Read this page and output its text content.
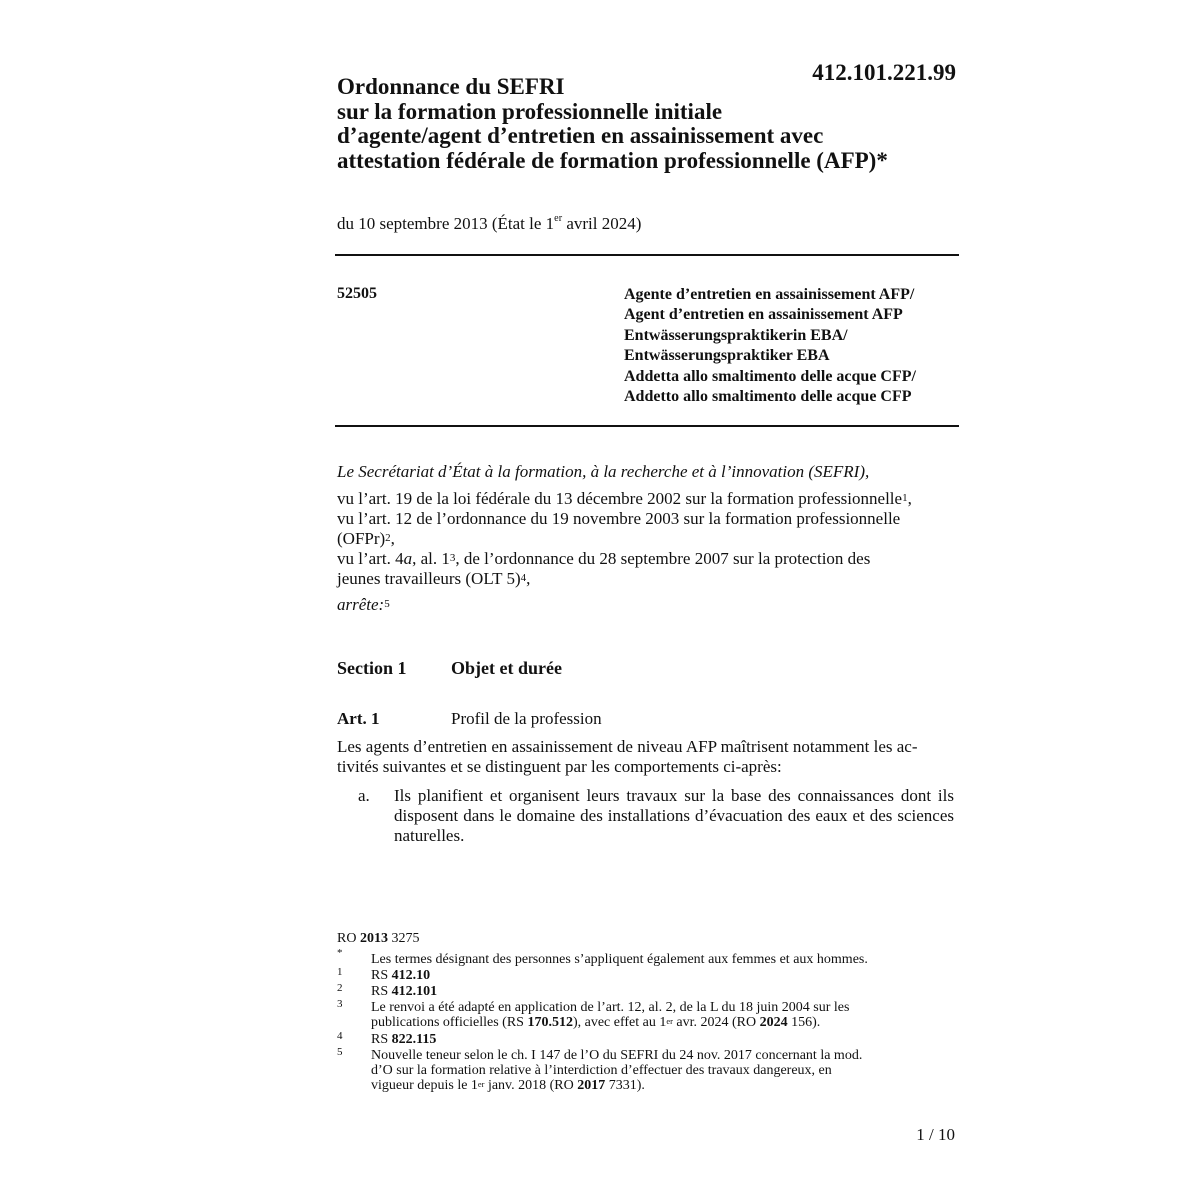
412.101.221.99
Ordonnance du SEFRI
sur la formation professionnelle initiale
d’agente/agent d’entretien en assainissement avec
attestation fédérale de formation professionnelle (AFP)*
du 10 septembre 2013 (État le 1er avril 2024)
52505	Agente d’entretien en assainissement AFP/
Agent d’entretien en assainissement AFP
Entwässerungspraktikerin EBA/
Entwässerungspraktiker EBA
Addetta allo smaltimento delle acque CFP/
Addetto allo smaltimento delle acque CFP

Le Secrétariat d’État à la formation, à la recherche et à l’innovation (SEFRI),

vu l’art. 19 de la loi fédérale du 13 décembre 2002 sur la formation professionnelle$^1$,

vu l’art. 12 de l’ordonnance du 19 novembre 2003 sur la formation professionnelle
(OFPr)$^2$,

vu l’art. 4a, al. 1$^3$, de l’ordonnance du 28 septembre 2007 sur la protection des
jeunes travailleurs (OLT 5)$^4$,

arrête:$^5$

Section 1 Objet et durée
Art. 1	Profil de la profession

Les agents d’entretien en assainissement de niveau AFP maîtrisent notamment les ac-

tivités suivantes et se distinguent par les comportements ci-après:

a. Ils planifient et organisent leurs travaux sur la base des connaissances dont ils disposent dans le domaine des installations d’évacuation des eaux et des sciences naturelles.
RO 2013 3275
* Les termes désignant des personnes s’appliquent également aux femmes et aux hommes.
1 RS 412.10
2 RS 412.101
3 Le renvoi a été adapté en application de l’art. 12, al. 2, de la L du 18 juin 2004 sur les
publications officielles (RS 170.512), avec effet au 1er avr. 2024 (RO 2024 156).
4 RS 822.115
5 Nouvelle teneur selon le ch. I 147 de l’O du SEFRI du 24 nov. 2017 concernant la mod.
d’O sur la formation relative à l’interdiction d’effectuer des travaux dangereux, en
vigueur depuis le 1er janv. 2018 (RO 2017 7331).
1 / 10
